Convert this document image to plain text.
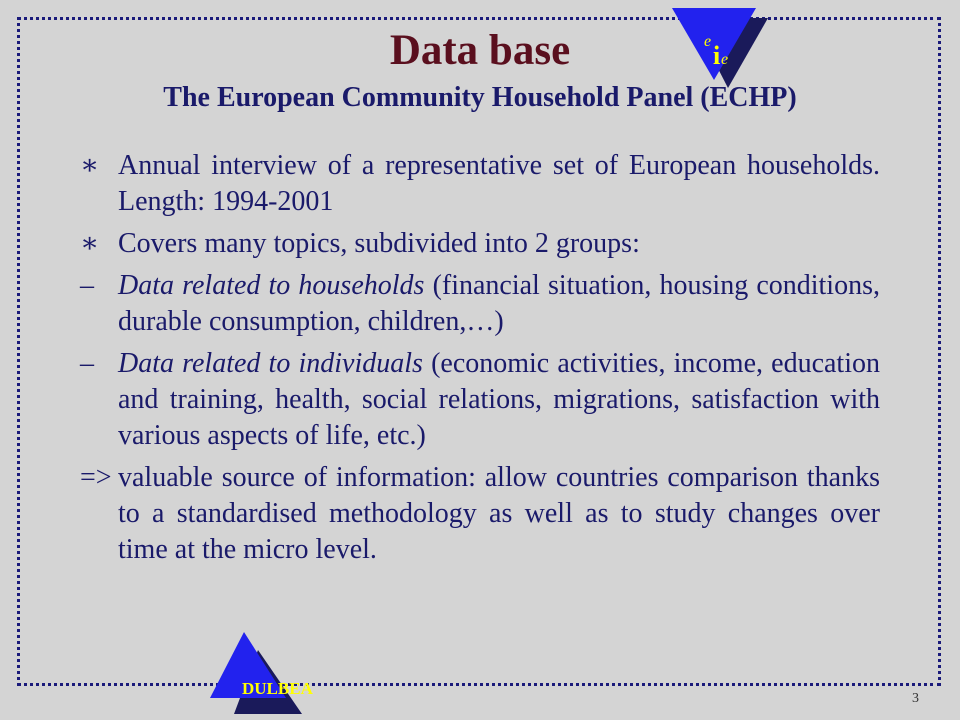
e i e
Data base
The European Community Household Panel (ECHP)
∗ Annual interview of a representative set of European households. Length: 1994-2001
∗ Covers many topics, subdivided into 2 groups:
– Data related to households (financial situation, housing conditions, durable consumption, children,…)
– Data related to individuals (economic activities, income, education and training, health, social relations, migrations, satisfaction with various aspects of life, etc.)
=> valuable source of information: allow countries comparison thanks to a standardised methodology as well as to study changes over time at the micro level.
DULBEA
3
